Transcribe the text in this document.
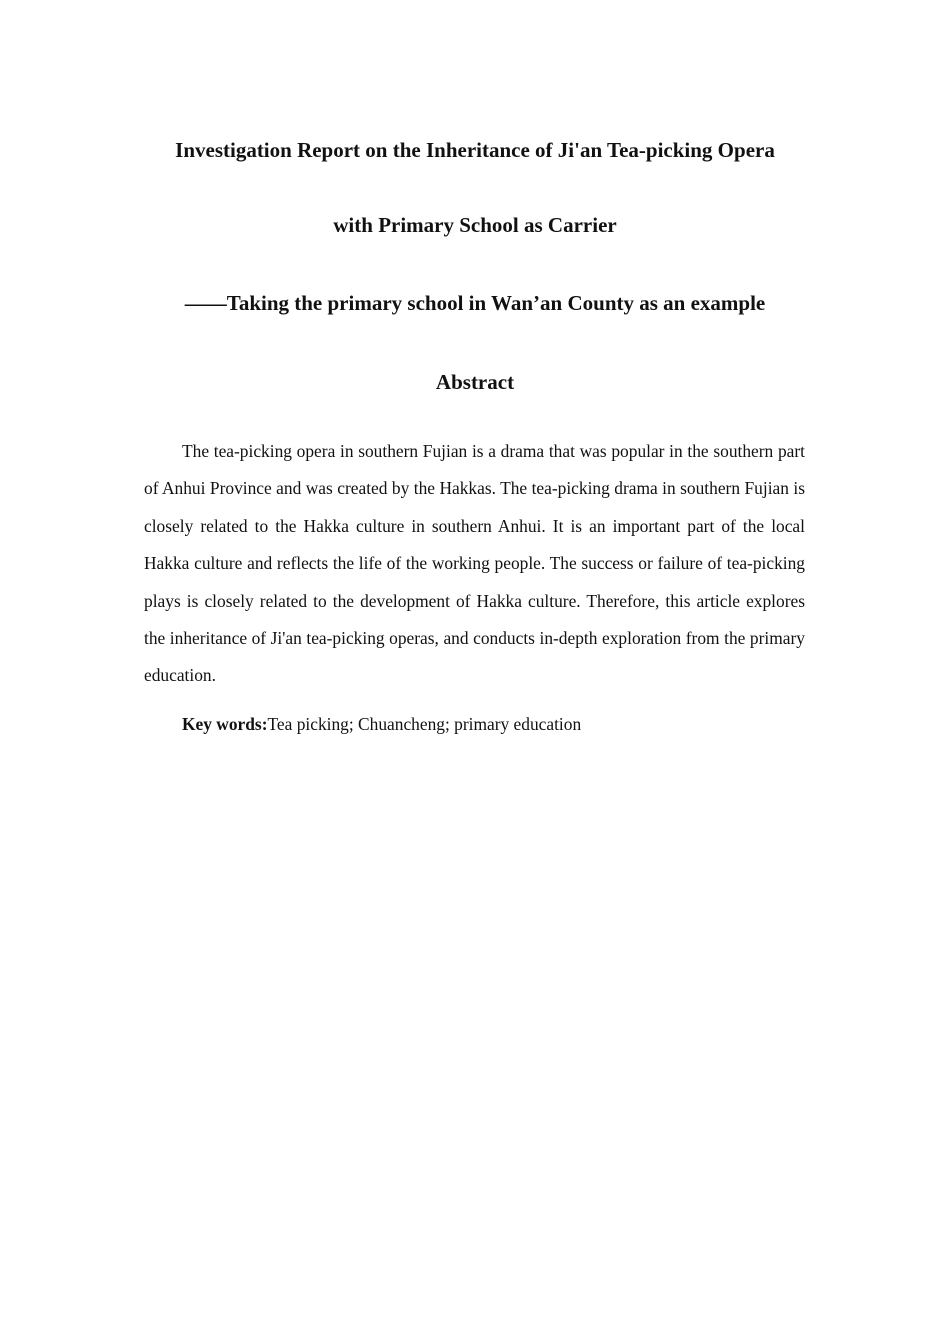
Investigation Report on the Inheritance of Ji'an Tea-picking Opera
with Primary School as Carrier
——Taking the primary school in Wan’an County as an example
Abstract

The tea-picking opera in southern Fujian is a drama that was popular in the southern part of Anhui Province and was created by the Hakkas. The tea-picking drama in southern Fujian is closely related to the Hakka culture in southern Anhui. It is an important part of the local Hakka culture and reflects the life of the working people. The success or failure of tea-picking plays is closely related to the development of Hakka culture. Therefore, this article explores the inheritance of Ji'an tea-picking operas, and conducts in-depth exploration from the primary education.

Key words:Tea picking; Chuancheng; primary education
